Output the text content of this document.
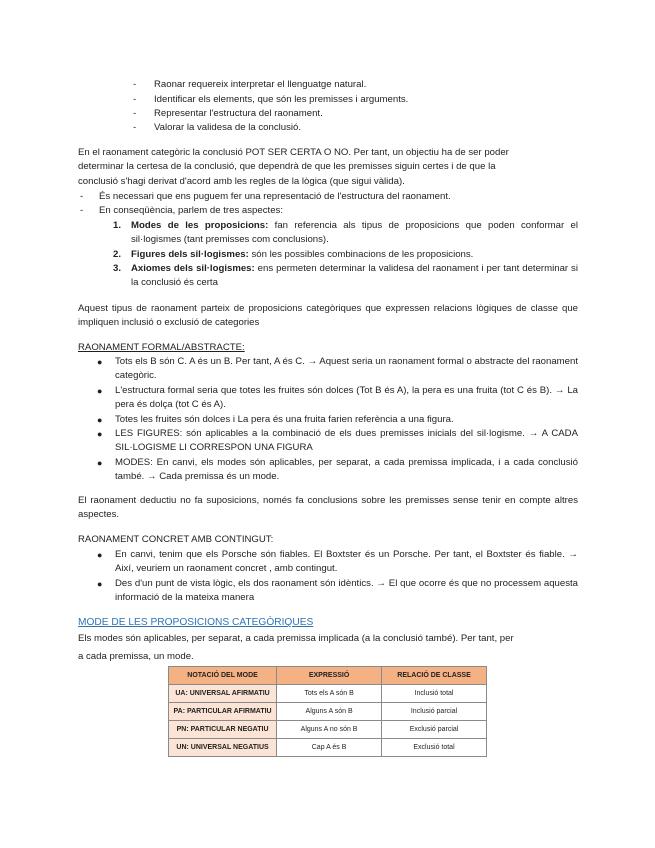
- Raonar requereix interpretar el llenguatge natural.
- Identificar els elements, que són les premisses i arguments.
- Representar l'estructura del raonament.
- Valorar la validesa de la conclusió.
En el raonament categòric la conclusió POT SER CERTA O NO. Per tant, un objectiu ha de ser poder
determinar la certesa de la conclusió, que dependrà de que les premisses siguin certes i de que la
conclusió s'hagi derivat d'acord amb les regles de la lògica (que sigui vàlida).
- És necessari que ens puguem fer una representació de l'estructura del raonament.
- En conseqüència, parlem de tres aspectes:
1. Modes de les proposicions: fan referencia als tipus de proposicions que poden conformar el sil·logismes (tant premisses com conclusions).
2. Figures dels sil·logismes: són les possibles combinacions de les proposicions.
3. Axiomes dels sil·logismes: ens permeten determinar la validesa del raonament i per tant determinar si la conclusió és certa
Aquest tipus de raonament parteix de proposicions categòriques que expressen relacions lògiques de classe que impliquen inclusió o exclusió de categories
RAONAMENT FORMAL/ABSTRACTE:
● Tots els B són C. A és un B. Per tant, A és C. → Aquest seria un raonament formal o abstracte del raonament categòric.
● L'estructura formal seria que totes les fruites són dolces (Tot B és A), la pera es una fruita (tot C és B). → La pera és dolça (tot C és A).
● Totes les fruites són dolces i La pera és una fruita farien referència a una figura.
● LES FIGURES: són aplicables a la combinació de els dues premisses inicials del sil·logisme. → A CADA SIL·LOGISME LI CORRESPON UNA FIGURA
● MODES: En canvi, els modes són aplicables, per separat, a cada premissa implicada, i a cada conclusió també. → Cada premissa és un mode.
El raonament deductiu no fa suposicions, només fa conclusions sobre les premisses sense tenir en compte altres aspectes.
RAONAMENT CONCRET AMB CONTINGUT:
● En canvi, tenim que els Porsche són fiables. El Boxtster és un Porsche. Per tant, el Boxtster és fiable. → Així, veuriem un raonament concret , amb contingut.
● Des d'un punt de vista lògic, els dos raonament són idèntics. → El que ocorre és que no processem aquesta informació de la mateixa manera
MODE DE LES PROPOSICIONS CATEGÒRIQUES
Els modes són aplicables, per separat, a cada premissa implicada (a la conclusió també). Per tant, per
a cada premissa, un mode.
NOTACIÓ DEL MODE	EXPRESSIÓ	RELACIÓ DE CLASSE
UA: UNIVERSAL AFIRMATIU	Tots els A són B	Inclusió total
PA: PARTICULAR AFIRMATIU	Alguns A són B	Inclusió parcial
PN: PARTICULAR NEGATIU	Alguns A no són B	Exclusió parcial
UN: UNIVERSAL NEGATIUS	Cap A és B	Exclusió total
